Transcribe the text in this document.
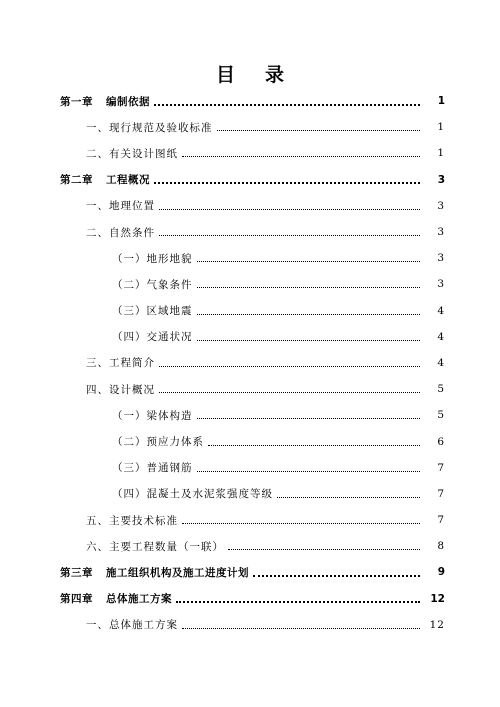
目录
第一章	编制依据	1
一、现行规范及验收标准	1
二、有关设计图纸	1
第二章	工程概况	3
一、地理位置	3
二、自然条件	3
（一）地形地貌	3
（二）气象条件	3
（三）区域地震	4
（四）交通状况	4
三、工程简介	4
四、设计概况	5
（一）梁体构造	5
（二）预应力体系	6
（三）普通钢筋	7
（四）混凝土及水泥浆强度等级	7
五、主要技术标准	7
六、主要工程数量（一联）	8
第三章	施工组织机构及施工进度计划	9
第四章	总体施工方案	12
一、总体施工方案	12
